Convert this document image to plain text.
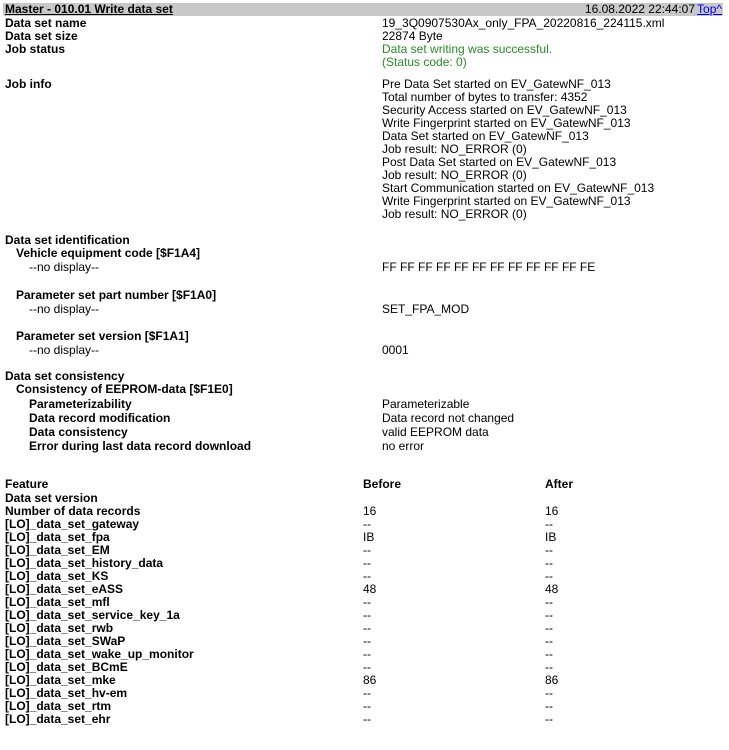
Master - 010.01 Write data set	16.08.2022 22:44:07 Top^
Data set name	19_3Q0907530Ax_only_FPA_20220816_224115.xml
Data set size	22874 Byte
Job status	Data set writing was successful.
(Status code: 0)
Job info	Pre Data Set started on EV_GatewNF_013
Total number of bytes to transfer: 4352
Security Access started on EV_GatewNF_013
Write Fingerprint started on EV_GatewNF_013
Data Set started on EV_GatewNF_013
Job result: NO_ERROR (0)
Post Data Set started on EV_GatewNF_013
Job result: NO_ERROR (0)
Start Communication started on EV_GatewNF_013
Write Fingerprint started on EV_GatewNF_013
Job result: NO_ERROR (0)
Data set identification
Vehicle equipment code [$F1A4]
--no display--	FF FF FF FF FF FF FF FF FF FF FF FE
Parameter set part number [$F1A0]
--no display--	SET_FPA_MOD
Parameter set version [$F1A1]
--no display--	0001
Data set consistency
Consistency of EEPROM-data [$F1E0]
Parameterizability	Parameterizable
Data record modification	Data record not changed
Data consistency	valid EEPROM data
Error during last data record download	no error
Feature	Before	After
Data set version
Number of data records	16	16
[LO]_data_set_gateway	--	--
[LO]_data_set_fpa	IB	IB
[LO]_data_set_EM	--	--
[LO]_data_set_history_data	--	--
[LO]_data_set_KS	--	--
[LO]_data_set_eASS	48	48
[LO]_data_set_mfl	--	--
[LO]_data_set_service_key_1a	--	--
[LO]_data_set_rwb	--	--
[LO]_data_set_SWaP	--	--
[LO]_data_set_wake_up_monitor	--	--
[LO]_data_set_BCmE	--	--
[LO]_data_set_mke	86	86
[LO]_data_set_hv-em	--	--
[LO]_data_set_rtm	--	--
[LO]_data_set_ehr	--	--
